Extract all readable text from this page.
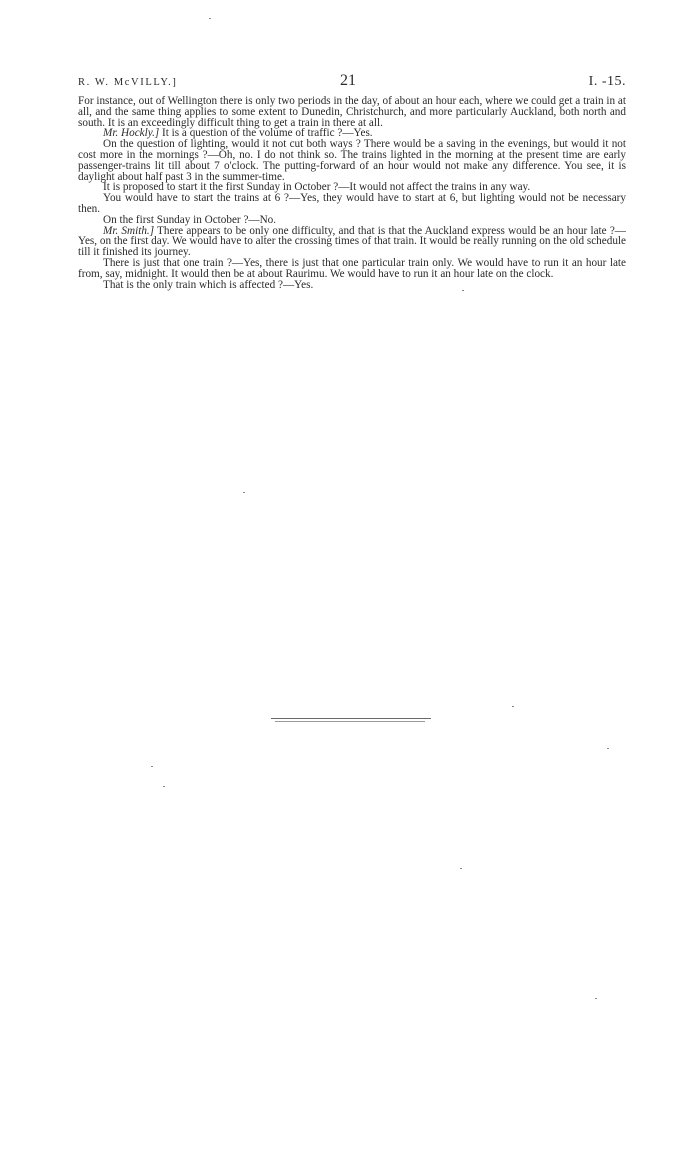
R. W. McVILLY.]	21	I. -15.

For instance, out of Wellington there is only two periods in the day, of about an hour each, where we could get a train in at all, and the same thing applies to some extent to Dunedin, Christchurch, and more particularly Auckland, both north and south. It is an exceedingly difficult thing to get a train in there at all.

Mr. Hockly.] It is a question of the volume of traffic ?—Yes.

On the question of lighting, would it not cut both ways ? There would be a saving in the evenings, but would it not cost more in the mornings ?—Oh, no. I do not think so. The trains lighted in the morning at the present time are early passenger-trains lit till about 7 o'clock. The putting-forward of an hour would not make any difference. You see, it is daylight about half past 3 in the summer-time.

It is proposed to start it the first Sunday in October ?—It would not affect the trains in any way.

You would have to start the trains at 6 ?—Yes, they would have to start at 6, but lighting would not be necessary then.

On the first Sunday in October ?—No.

Mr. Smith.] There appears to be only one difficulty, and that is that the Auckland express would be an hour late ?—Yes, on the first day. We would have to alter the crossing times of that train. It would be really running on the old schedule till it finished its journey.

There is just that one train ?—Yes, there is just that one particular train only. We would have to run it an hour late from, say, midnight. It would then be at about Raurimu. We would have to run it an hour late on the clock.

That is the only train which is affected ?—Yes.
